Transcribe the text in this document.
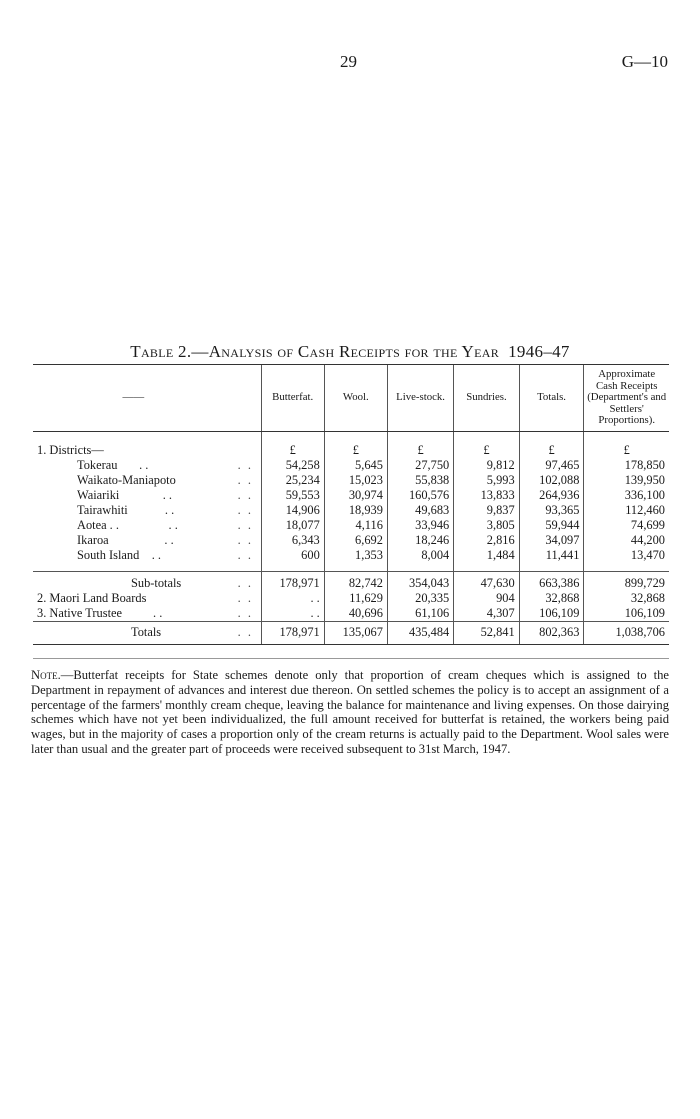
29	G—10
Table 2.—Analysis of Cash Receipts for the Year 1946–47
——		Butterfat.	Wool.	Live-stock.	Sundries.	Totals.	Approximate Cash Receipts (Department's and Settlers' Proportions).

1. Districts—		£	£	£	£	£	£
Tokerau . .	. .	54,258	5,645	27,750	9,812	97,465	178,850
Waikato-Maniapoto	. .	25,234	15,023	55,838	5,993	102,088	139,950
Waiariki . .	. .	59,553	30,974	160,576	13,833	264,936	336,100
Tairawhiti . .	. .	14,906	18,939	49,683	9,837	93,365	112,460
Aotea . . . .	. .	18,077	4,116	33,946	3,805	59,944	74,699
Ikaroa . .	. .	6,343	6,692	18,246	2,816	34,097	44,200
South Island . .	. .	600	1,353	8,004	1,484	11,441	13,470

Sub-totals	. .	178,971	82,742	354,043	47,630	663,386	899,729
2. Maori Land Boards	. .	. .	11,629	20,335	904	32,868	32,868
3. Native Trustee . .	. .	. .	40,696	61,106	4,307	106,109	106,109
Totals	. .	178,971	135,067	435,484	52,841	802,363	1,038,706
Note.—Butterfat receipts for State schemes denote only that proportion of cream cheques which is assigned to the Department in repayment of advances and interest due thereon. On settled schemes the policy is to accept an assignment of a percentage of the farmers' monthly cream cheque, leaving the balance for maintenance and living expenses. On those dairying schemes which have not yet been individualized, the full amount received for butterfat is retained, the workers being paid wages, but in the majority of cases a proportion only of the cream returns is actually paid to the Department. Wool sales were later than usual and the greater part of proceeds were received subsequent to 31st March, 1947.
